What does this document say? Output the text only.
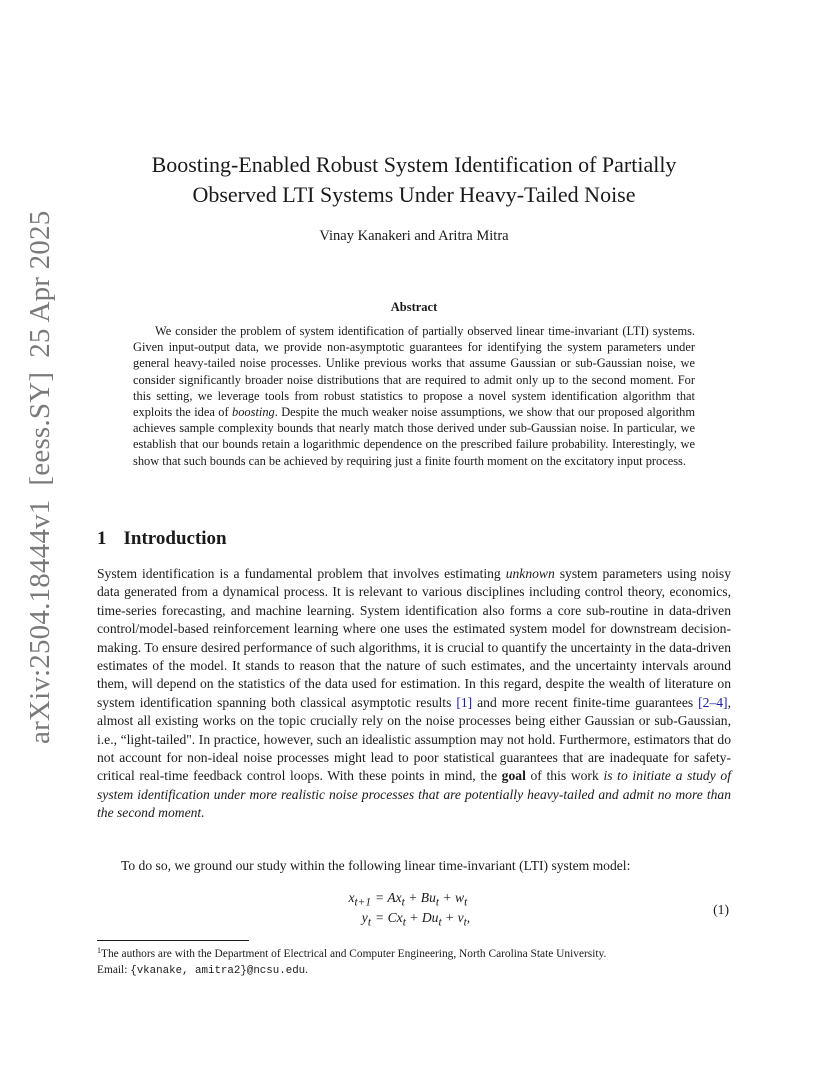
arXiv:2504.18444v1[eess.SY]25 Apr 2025
Boosting-Enabled Robust System Identification of Partially
Observed LTI Systems Under Heavy-Tailed Noise
Vinay Kanakeri and Aritra Mitra
Abstract

We consider the problem of system identification of partially observed linear time-invariant (LTI) systems. Given input-output data, we provide non-asymptotic guarantees for identifying the system parameters under general heavy-tailed noise processes. Unlike previous works that assume Gaussian or sub-Gaussian noise, we consider significantly broader noise distributions that are required to admit only up to the second moment. For this setting, we leverage tools from robust statistics to propose a novel system identification algorithm that exploits the idea of boosting. Despite the much weaker noise assumptions, we show that our proposed algorithm achieves sample complexity bounds that nearly match those derived under sub-Gaussian noise. In particular, we establish that our bounds retain a logarithmic dependence on the prescribed failure probability. Interestingly, we show that such bounds can be achieved by requiring just a finite fourth moment on the excitatory input process.

1 Introduction

System identification is a fundamental problem that involves estimating unknown system parameters using noisy data generated from a dynamical process. It is relevant to various disciplines including control theory, economics, time-series forecasting, and machine learning. System identification also forms a core sub-routine in data-driven control/model-based reinforcement learning where one uses the estimated system model for downstream decision-making. To ensure desired performance of such algorithms, it is crucial to quantify the uncertainty in the data-driven estimates of the model. It stands to reason that the nature of such estimates, and the uncertainty intervals around them, will depend on the statistics of the data used for estimation. In this regard, despite the wealth of literature on system identification spanning both classical asymptotic results [1] and more recent finite-time guarantees [2–4], almost all existing works on the topic crucially rely on the noise processes being either Gaussian or sub-Gaussian, i.e., “light-tailed". In practice, however, such an idealistic assumption may not hold. Furthermore, estimators that do not account for non-ideal noise processes might lead to poor statistical guarantees that are inadequate for safety-critical real-time feedback control loops. With these points in mind, the goal of this work is to initiate a study of system identification under more realistic noise processes that are potentially heavy-tailed and admit no more than the second moment.

To do so, we ground our study within the following linear time-invariant (LTI) system model:

$x_{t+1} = Ax_t + Bu_t + w_t$
$y_t = Cx_t + Du_t + v_t$,
(1)

$^1$The authors are with the Department of Electrical and Computer Engineering, North Carolina State University.
Email: {vkanake, amitra2}@ncsu.edu.
